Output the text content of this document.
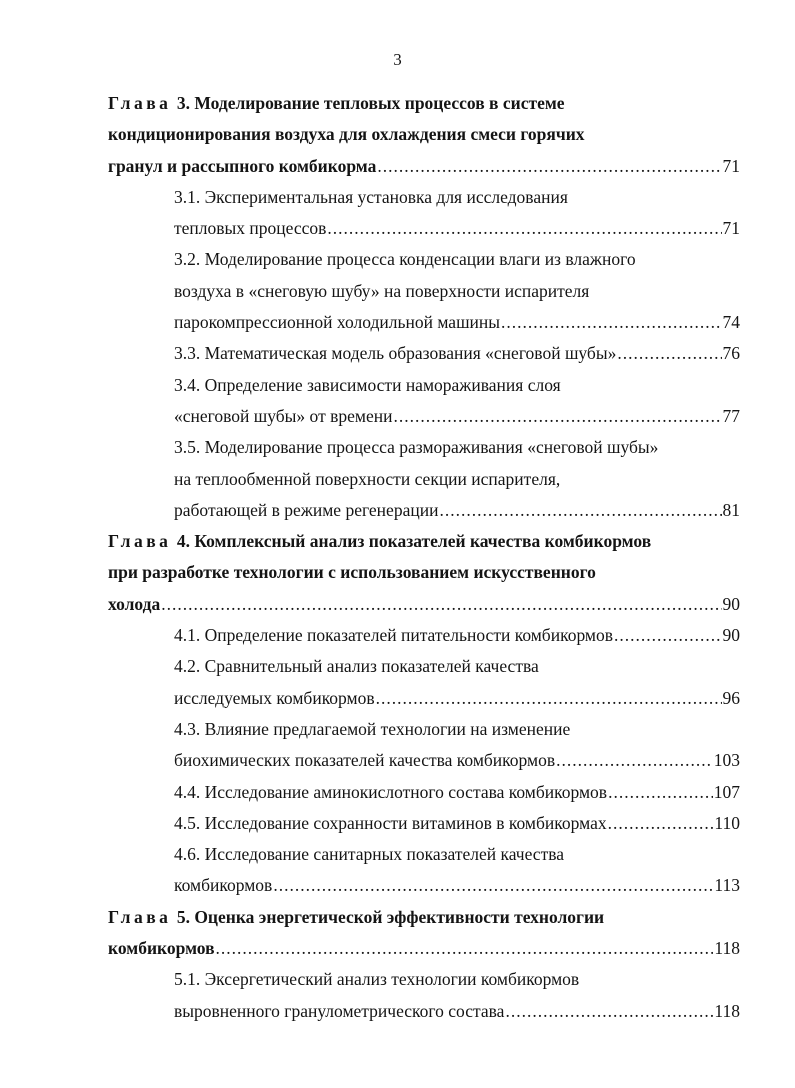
3
Глава 3. Моделирование тепловых процессов в системе
кондиционирования воздуха для охлаждения смеси горячих
гранул и рассыпного комбикорма .....	71
3.1. Экспериментальная установка для исследования
тепловых процессов .....	71
3.2. Моделирование процесса конденсации влаги из влажного
воздуха в «снеговую шубу» на поверхности испарителя
парокомпрессионной холодильной машины .....	74
3.3. Математическая модель образования «снеговой шубы» .....	76
3.4. Определение зависимости намораживания слоя
«снеговой шубы» от времени .....	77
3.5. Моделирование процесса размораживания «снеговой шубы»
на теплообменной поверхности секции испарителя,
работающей в режиме регенерации .....	81
Глава 4. Комплексный анализ показателей качества комбикормов
при разработке технологии с использованием искусственного
холода .....	90
4.1. Определение показателей питательности комбикормов .....	90
4.2. Сравнительный анализ показателей качества
исследуемых комбикормов .....	96
4.3. Влияние предлагаемой технологии на изменение
биохимических показателей качества комбикормов .....	103
4.4. Исследование аминокислотного состава комбикормов .....	107
4.5. Исследование сохранности витаминов в комбикормах .....	110
4.6. Исследование санитарных показателей качества
комбикормов .....	113
Глава 5. Оценка энергетической эффективности технологии
комбикормов .....	118
5.1. Эксергетический анализ технологии комбикормов
выровненного гранулометрического состава .....	118
